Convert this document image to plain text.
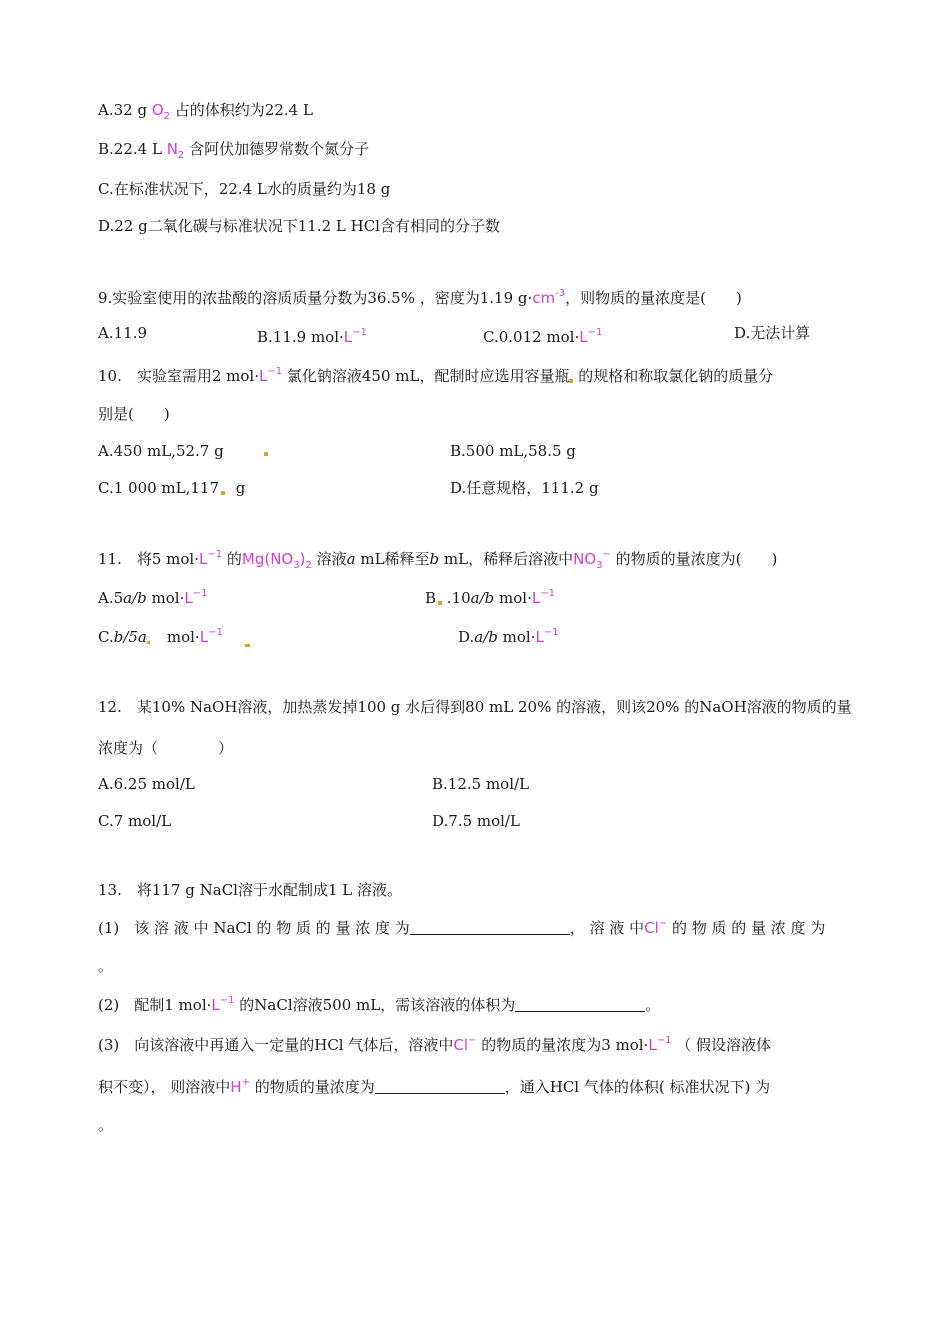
A.32 g $O_2$ 占的体积约为22.4 L
B.22.4 L $N_2$ 含阿伏加德罗常数个氮分子
C.在标准状况下，22.4 L水的质量约为18 g
D.22 g二氧化碳与标准状况下11.2 L HCl含有相同的分子数
9.实验室使用的浓盐酸的溶质质量分数为36.5% ，密度为1.19 $g\cdot cm^{-3}$，则物质的量浓度是(　　)
A.11.9	B.11.9 $mol\cdot L^{-1}$	C.0.012 $mol\cdot L^{-1}$	D.无法计算
10.　实验室需用2 $mol\cdot L^{-1}$ 氯化钠溶液450 mL，配制时应选用容量瓶 的规格和称取氯化钠的质量分
别是(　　)
A.450 mL,52.7 g	B.500 mL,58.5 g
C.1 000 mL,117 g	D.任意规格，111.2 g
11.　将5 $mol\cdot L^{-1}$ 的$Mg(NO_3)_2$ 溶液a mL稀释至b mL，稀释后溶液中$NO_3^-$ 的物质的量浓度为(　　)
A.5a/b $mol\cdot L^{-1}$	B .10a/b $mol\cdot L^{-1}$
C.b/5a　$mol\cdot L^{-1}$	D.a/b $mol\cdot L^{-1}$
12.　某10% NaOH溶液，加热蒸发掉100 g 水后得到80 mL 20% 的溶液，则该20% 的NaOH溶液的物质的量
浓度为（　　　　）
A.6.25 mol/L	B.12.5 mol/L
C.7 mol/L	D.7.5 mol/L
13.　将117 g NaCl溶于水配制成1 L 溶液。
(1)　该 溶 液 中 NaCl 的 物 质 的 量 浓 度 为	， 溶 液 中Cl− 的 物 质 的 量 浓 度 为
。
(2)　配制1 $mol\cdot L^{-1}$ 的NaCl溶液500 mL，需该溶液的体积为	。
(3)　向该溶液中再通入一定量的HCl 气体后，溶液中Cl− 的物质的量浓度为3 $mol\cdot L^{-1}$ （ 假设溶液体
积不变）， 则溶液中H+ 的物质的量浓度为	，通入HCl 气体的体积( 标准状况下) 为
。
